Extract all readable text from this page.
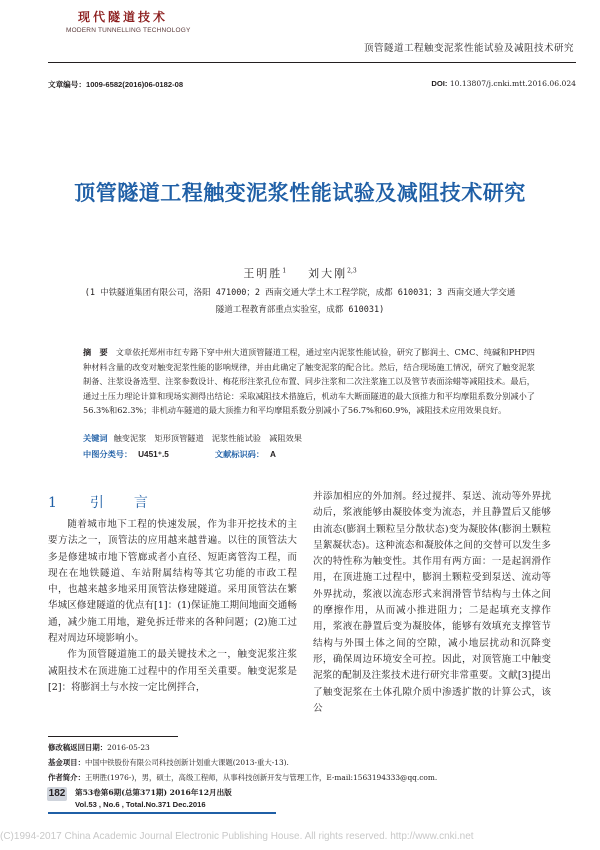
现代隧道技术
MODERN TUNNELLING TECHNOLOGY
顶管隧道工程触变泥浆性能试验及减阻技术研究
文章编号：1009-6582(2016)06-0182-08	DOI: 10.13807/j.cnki.mtt.2016.06.024
顶管隧道工程触变泥浆性能试验及减阻技术研究
王明胜$^1$ 刘大刚$^{2,3}$
(1 中铁隧道集团有限公司，洛阳 471000；2 西南交通大学土木工程学院，成都 610031；3 西南交通大学交通
隧道工程教育部重点实验室，成都 610031)
摘　要 文章依托郑州市红专路下穿中州大道顶管隧道工程，通过室内泥浆性能试验，研究了膨润土、CMC、纯碱和PHP四种材料含量的改变对触变泥浆性能的影响规律，并由此确定了触变泥浆的配合比。然后，结合现场施工情况，研究了触变泥浆制备、注浆设备选型、注浆参数设计、梅花形注浆孔位布置、同步注浆和二次注浆施工以及管节表面涂蜡等减阻技术。最后，通过土压力理论计算和现场实测得出结论：采取减阻技术措施后，机动车大断面隧道的最大顶推力和平均摩阻系数分别减小了56.3%和62.3%；非机动车隧道的最大顶推力和平均摩阻系数分别减小了56.7%和60.9%，减阻技术应用效果良好。
关键词 触变泥浆　矩形顶管隧道　泥浆性能试验　减阻效果
中图分类号： U451⁺.5	文献标识码： A
1 引　言

随着城市地下工程的快速发展，作为非开挖技术的主要方法之一，顶管法的应用越来越普遍。以往的顶管法大多是修建城市地下管廊或者小直径、短距离管沟工程，而现在在地铁隧道、车站附属结构等其它功能的市政工程中，也越来越多地采用顶管法修建隧道。采用顶管法在繁华城区修建隧道的优点有[1]：(1)保证施工期间地面交通畅通，减少施工用地，避免拆迁带来的各种问题；(2)施工过程对周边环境影响小。

作为顶管隧道施工的最关键技术之一，触变泥浆注浆减阻技术在顶进施工过程中的作用至关重要。触变泥浆是[2]：将膨润土与水按一定比例拌合，

并添加相应的外加剂。经过搅拌、泵送、流动等外界扰动后，浆液能够由凝胶体变为流态，并且静置后又能够由流态(膨润土颗粒呈分散状态)变为凝胶体(膨润土颗粒呈絮凝状态)。这种流态和凝胶体之间的交替可以发生多次的特性称为触变性。其作用有两方面：一是起润滑作用，在顶进施工过程中，膨润土颗粒受到泵送、流动等外界扰动，浆液以流态形式来润滑管节结构与土体之间的摩擦作用，从而减小推进阻力；二是起填充支撑作用，浆液在静置后变为凝胶体，能够有效填充支撑管节结构与外围土体之间的空隙，减小地层扰动和沉降变形，确保周边环境安全可控。因此，对顶管施工中触变泥浆的配制及注浆技术进行研究非常重要。文献[3]提出了触变泥浆在土体孔隙介质中渗透扩散的计算公式，该公

修改稿返回日期：2016-05-23
基金项目：中国中铁股份有限公司科技创新计划重大课题(2013-重大-13).
作者简介：王明胜(1976-)，男，硕士，高级工程师，从事科技创新开发与管理工作，E-mail:1563194333@qq.com.
182 第53卷第6期(总第371期) 2016年12月出版
Vol.53 , No.6 , Total.No.371 Dec.2016
(C)1994-2017 China Academic Journal Electronic Publishing House. All rights reserved. http://www.cnki.net
